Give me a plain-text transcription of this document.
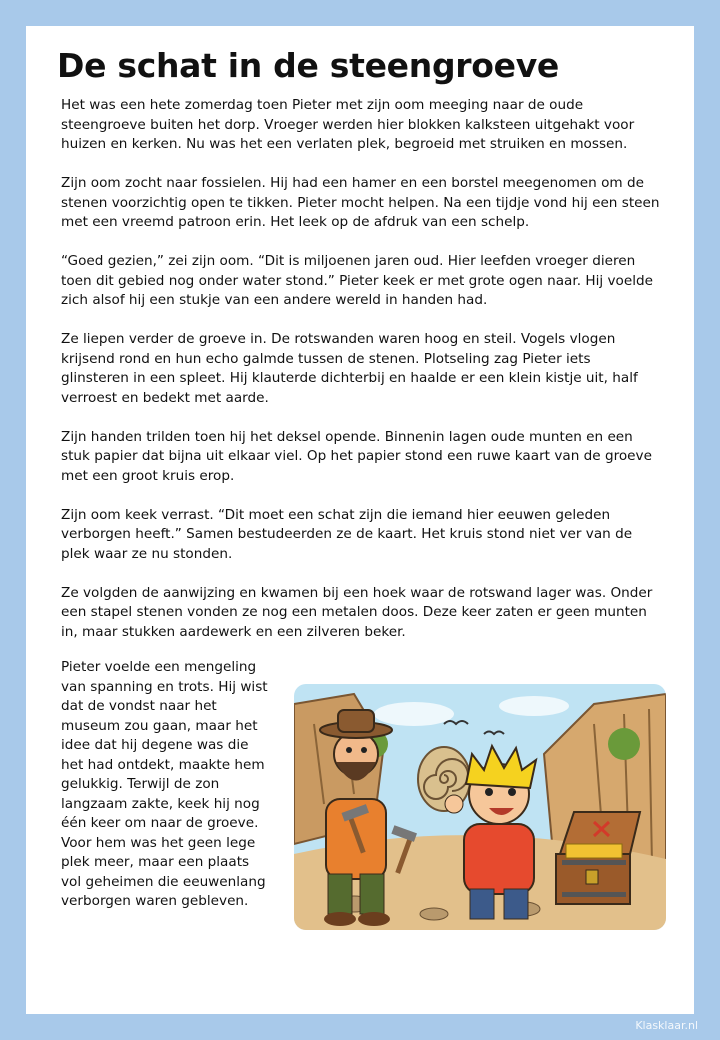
De schat in de steengroeve

Het was een hete zomerdag toen Pieter met zijn oom meeging naar de oude steengroeve buiten het dorp. Vroeger werden hier blokken kalksteen uitgehakt voor huizen en kerken. Nu was het een verlaten plek, begroeid met struiken en mossen.

Zijn oom zocht naar fossielen. Hij had een hamer en een borstel meegenomen om de stenen voorzichtig open te tikken. Pieter mocht helpen. Na een tijdje vond hij een steen met een vreemd patroon erin. Het leek op de afdruk van een schelp.

“Goed gezien,” zei zijn oom. “Dit is miljoenen jaren oud. Hier leefden vroeger dieren toen dit gebied nog onder water stond.” Pieter keek er met grote ogen naar. Hij voelde zich alsof hij een stukje van een andere wereld in handen had.

Ze liepen verder de groeve in. De rotswanden waren hoog en steil. Vogels vlogen krijsend rond en hun echo galmde tussen de stenen. Plotseling zag Pieter iets glinsteren in een spleet. Hij klauterde dichterbij en haalde er een klein kistje uit, half verroest en bedekt met aarde.

Zijn handen trilden toen hij het deksel opende. Binnenin lagen oude munten en een stuk papier dat bijna uit elkaar viel. Op het papier stond een ruwe kaart van de groeve met een groot kruis erop.

Zijn oom keek verrast. “Dit moet een schat zijn die iemand hier eeuwen geleden verborgen heeft.” Samen bestudeerden ze de kaart. Het kruis stond niet ver van de plek waar ze nu stonden.

Ze volgden de aanwijzing en kwamen bij een hoek waar de rotswand lager was. Onder een stapel stenen vonden ze nog een metalen doos. Deze keer zaten er geen munten in, maar stukken aardewerk en een zilveren beker.

Pieter voelde een mengeling van spanning en trots. Hij wist dat de vondst naar het museum zou gaan, maar het idee dat hij degene was die het had ontdekt, maakte hem gelukkig. Terwijl de zon langzaam zakte, keek hij nog één keer om naar de groeve. Voor hem was het geen lege plek meer, maar een plaats vol geheimen die eeuwenlang verborgen waren gebleven.

Klasklaar.nl
